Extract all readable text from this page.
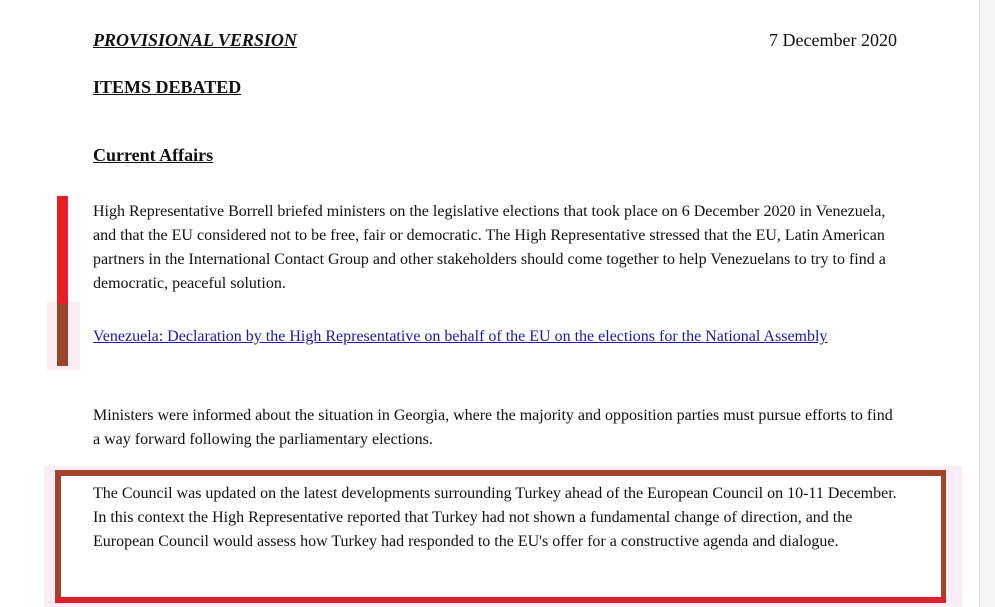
PROVISIONAL VERSION	7 December 2020
ITEMS DEBATED
Current Affairs
High Representative Borrell briefed ministers on the legislative elections that took place on 6 December 2020 in Venezuela, and that the EU considered not to be free, fair or democratic. The High Representative stressed that the EU, Latin American partners in the International Contact Group and other stakeholders should come together to help Venezuelans to try to find a democratic, peaceful solution.
Venezuela: Declaration by the High Representative on behalf of the EU on the elections for the National Assembly
Ministers were informed about the situation in Georgia, where the majority and opposition parties must pursue efforts to find a way forward following the parliamentary elections.
The Council was updated on the latest developments surrounding Turkey ahead of the European Council on 10-11 December. In this context the High Representative reported that Turkey had not shown a fundamental change of direction, and the European Council would assess how Turkey had responded to the EU's offer for a constructive agenda and dialogue.
